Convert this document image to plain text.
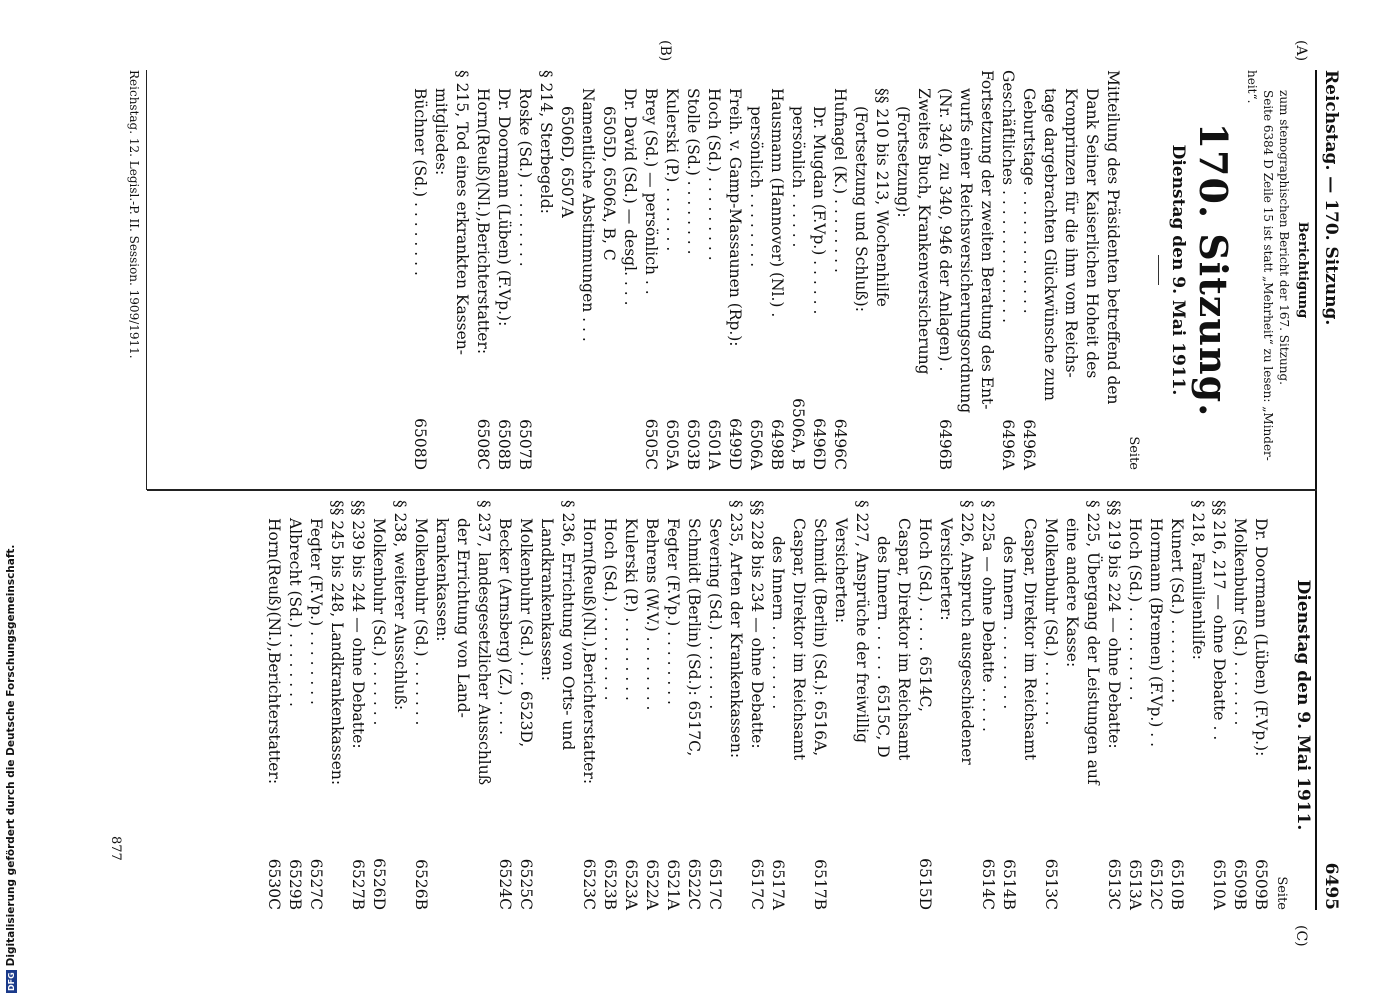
Reichstag. — 170. Sitzung.
6495
(A)
(B)
(C)
Berichtigung
zum stenographischen Bericht der 167. Sitzung.
Seite 6384 D Zeile 15 ist statt „Mehrheit“ zu lesen: „Minder-
heit“.
170. Sitzung.
Dienstag den 9. Mai 1911.
Seite
Mitteilung des Präsidenten betreffend den
Dank Seiner Kaiserlichen Hoheit des
Kronprinzen für die ihm vom Reichs-
tage dargebrachten Glückwünsche zum
Geburtstage . . . . . . . . . . . . .
6496A
Geschäftliches . . . . . . . . . . . . . .
6496A
Fortsetzung der zweiten Beratung des Ent-
wurfs einer Reichsversicherungsordnung
(Nr. 340, zu 340, 946 der Anlagen) .
6496B
Zweites Buch, Krankenversicherung
(Fortsetzung):
§§ 210 bis 213, Wochenhilfe
(Fortsetzung und Schluß):
Hufnagel (K.) . . . . . . . .
6496C
Dr. Mugdan (F.Vp.) . . . . . .
6496D
persönlich . . . . . .
6506A, B
Hausmann (Hannover) (Nl.) .
6498B
persönlich . . . . . . . .
6506A
Freih. v. Gamp-Massaunen (Rp.):
6499D
Hoch (Sd.) . . . . . . . . .
6501A
Stolle (Sd.) . . . . . . . .
6503B
Kulerski (P.) . . . . . . .
6505A
Brey (Sd.) — persönlich . .
6505C
Dr. David (Sd.) — desgl. . . .
6505D, 6506A, B, C
Namentliche Abstimmungen . . .
6506D, 6507A
§ 214, Sterbegeld:
Roske (Sd.) . . . . . . . . .
6507B
Dr. Doormann (Lüben) (F.Vp.):
6508B
Horn(Reuß)(Nl.),Berichterstatter:
6508C
§ 215, Tod eines erkrankten Kassen-
mitgliedes:
Büchner (Sd.) . . . . . . . .
6508D
Dienstag den 9. Mai 1911.
Seite
Dr. Doormann (Lüben) (F.Vp.):
6509B
Molkenbuhr (Sd.) . . . . . . .
6509B
§§ 216, 217 — ohne Debatte . .
6510A
§ 218, Familienhilfe:
Kunert (Sd.) . . . . . . . . .
6510B
Hormann (Bremen) (F.Vp.) . .
6512C
Hoch (Sd.) . . . . . . . . . .
6513A
§§ 219 bis 224 — ohne Debatte:
6513C
§ 225, Übergang der Leistungen auf
eine andere Kasse:
Molkenbuhr (Sd.) . . . . . . .
6513C
Caspar, Direktor im Reichsamt
des Innern . . . . . . . . .
6514B
§ 225a — ohne Debatte . . . . .
6514C
§ 226, Anspruch ausgeschiedener
Versicherter:
Hoch (Sd.) . . . . . 6514C,
6515D
Caspar, Direktor im Reichsamt
des Innern . . . . . . 6515C, D
§ 227, Ansprüche der freiwillig
Versicherten:
Schmidt (Berlin) (Sd.): 6516A,
6517B
Caspar, Direktor im Reichsamt
des Innern . . . . . . . . .
6517A
§§ 228 bis 234 — ohne Debatte:
6517C
§ 235, Arten der Krankenkassen:
Severing (Sd.) . . . . . . . .
6517C
Schmidt (Berlin) (Sd.): 6517C,
6522C
Fegter (F.Vp.) . . . . . . . .
6521A
Behrens (W.V.) . . . . . . . .
6522A
Kulerski (P.) . . . . . . . . .
6523A
Hoch (Sd.) . . . . . . . . . .
6523B
Horn(Reuß)(Nl.),Berichterstatter:
6523C
§ 236, Errichtung von Orts- und
Landkrankenkassen:
Molkenbuhr (Sd.) . . . 6523D,
6525C
Becker (Arnsberg) (Z.) . . . .
6524C
§ 237, landesgesetzlicher Ausschluß
der Errichtung von Land-
krankenkassen:
Molkenbuhr (Sd.) . . . . . . .
6526B
§ 238, weiterer Ausschluß:
Molkenbuhr (Sd.) . . . . . . .
6526D
§§ 239 bis 244 — ohne Debatte:
6527B
§§ 245 bis 248, Landkrankenkassen:
Fegter (F.Vp.) . . . . . . . .
6527C
Albrecht (Sd.) . . . . . . . .
6529B
Horn(Reuß)(Nl.),Berichterstatter:
6530C
Reichstag. 12. Legisl.-P. II. Session. 1909/1911.
877
DFG
Digitalisierung gefördert durch die Deutsche Forschungsgemeinschaft.
